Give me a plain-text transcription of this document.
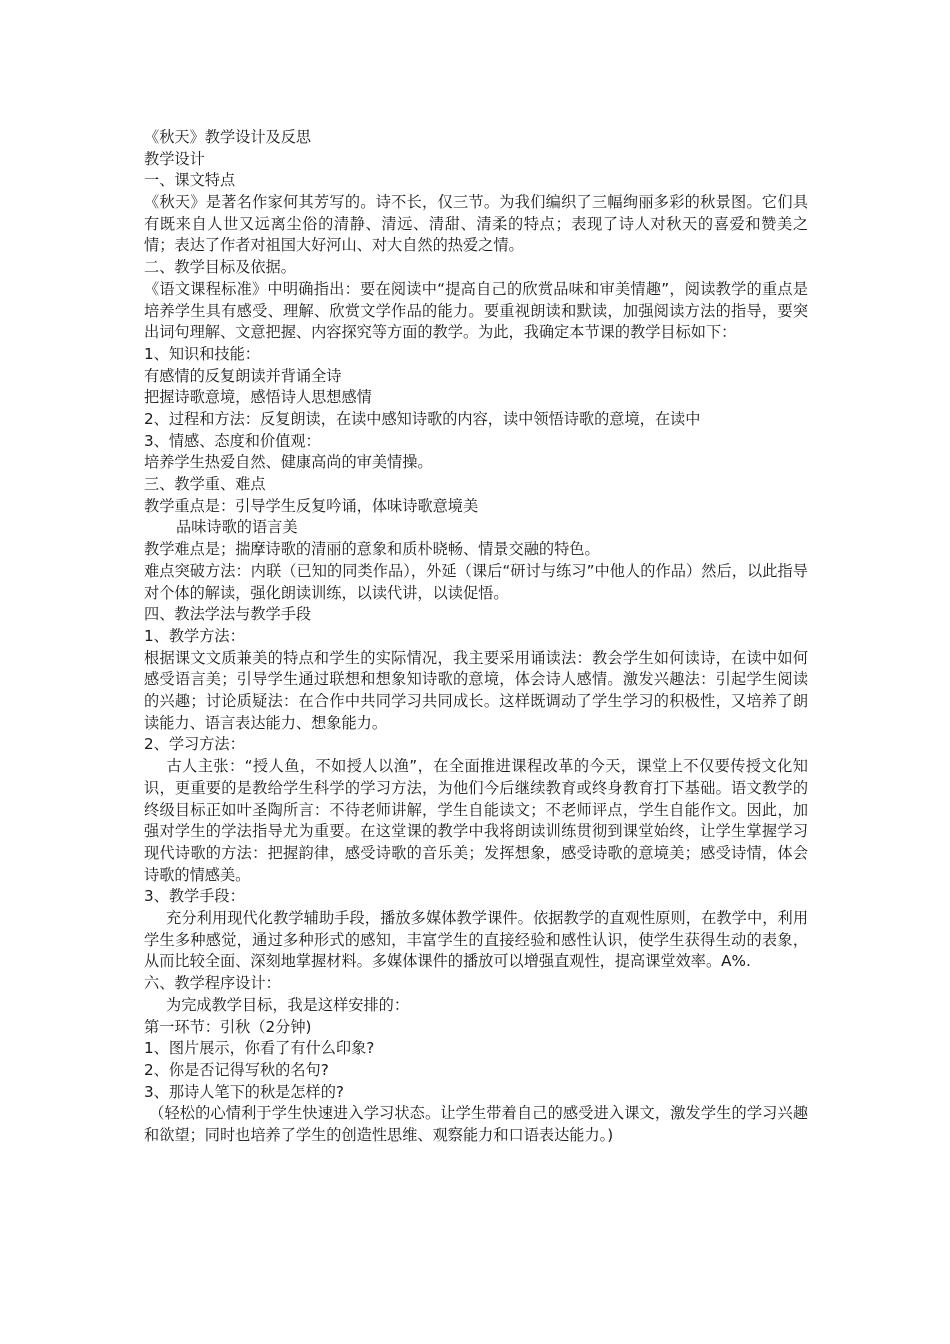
《秋天》教学设计及反思
教学设计
一、课文特点
《秋天》是著名作家何其芳写的。诗不长，仅三节。为我们编织了三幅绚丽多彩的秋景图。它们具有既来自人世又远离尘俗的清静、清远、清甜、清柔的特点；表现了诗人对秋天的喜爱和赞美之情；表达了作者对祖国大好河山、对大自然的热爱之情。
二、教学目标及依据。
《语文课程标准》中明确指出：要在阅读中“提高自己的欣赏品味和审美情趣”，阅读教学的重点是培养学生具有感受、理解、欣赏文学作品的能力。要重视朗读和默读，加强阅读方法的指导，要突出词句理解、文意把握、内容探究等方面的教学。为此，我确定本节课的教学目标如下：
1、知识和技能：
有感情的反复朗读并背诵全诗
把握诗歌意境，感悟诗人思想感情
2、过程和方法：反复朗读，在读中感知诗歌的内容，读中领悟诗歌的意境，在读中
3、情感、态度和价值观：
培养学生热爱自然、健康高尚的审美情操。
三、教学重、难点
教学重点是：引导学生反复吟诵，体味诗歌意境美
品味诗歌的语言美
教学难点是；揣摩诗歌的清丽的意象和质朴晓畅、情景交融的特色。
难点突破方法：内联（已知的同类作品），外延（课后“研讨与练习”中他人的作品）然后，以此指导对个体的解读，强化朗读训练，以读代讲，以读促悟。
四、教法学法与教学手段
1、教学方法：
根据课文文质兼美的特点和学生的实际情况，我主要采用诵读法：教会学生如何读诗，在读中如何感受语言美；引导学生通过联想和想象知诗歌的意境，体会诗人感情。激发兴趣法：引起学生阅读的兴趣；讨论质疑法：在合作中共同学习共同成长。这样既调动了学生学习的积极性，又培养了朗读能力、语言表达能力、想象能力。
2、学习方法：
古人主张：“授人鱼，不如授人以渔”，在全面推进课程改革的今天，课堂上不仅要传授文化知识，更重要的是教给学生科学的学习方法，为他们今后继续教育或终身教育打下基础。语文教学的终级目标正如叶圣陶所言：不待老师讲解，学生自能读文；不老师评点，学生自能作文。因此，加强对学生的学法指导尤为重要。在这堂课的教学中我将朗读训练贯彻到课堂始终，让学生掌握学习现代诗歌的方法：把握韵律，感受诗歌的音乐美；发挥想象，感受诗歌的意境美；感受诗情，体会诗歌的情感美。
3、教学手段：
充分利用现代化教学辅助手段，播放多媒体教学课件。依据教学的直观性原则，在教学中，利用学生多种感觉，通过多种形式的感知，丰富学生的直接经验和感性认识，使学生获得生动的表象，从而比较全面、深刻地掌握材料。多媒体课件的播放可以增强直观性，提高课堂效率。A%.
六、教学程序设计：
为完成教学目标，我是这样安排的：
第一环节：引秋（2分钟)
1、图片展示，你看了有什么印象?
2、你是否记得写秋的名句?
3、那诗人笔下的秋是怎样的?
（轻松的心情利于学生快速进入学习状态。让学生带着自己的感受进入课文，激发学生的学习兴趣和欲望；同时也培养了学生的创造性思维、观察能力和口语表达能力。)
